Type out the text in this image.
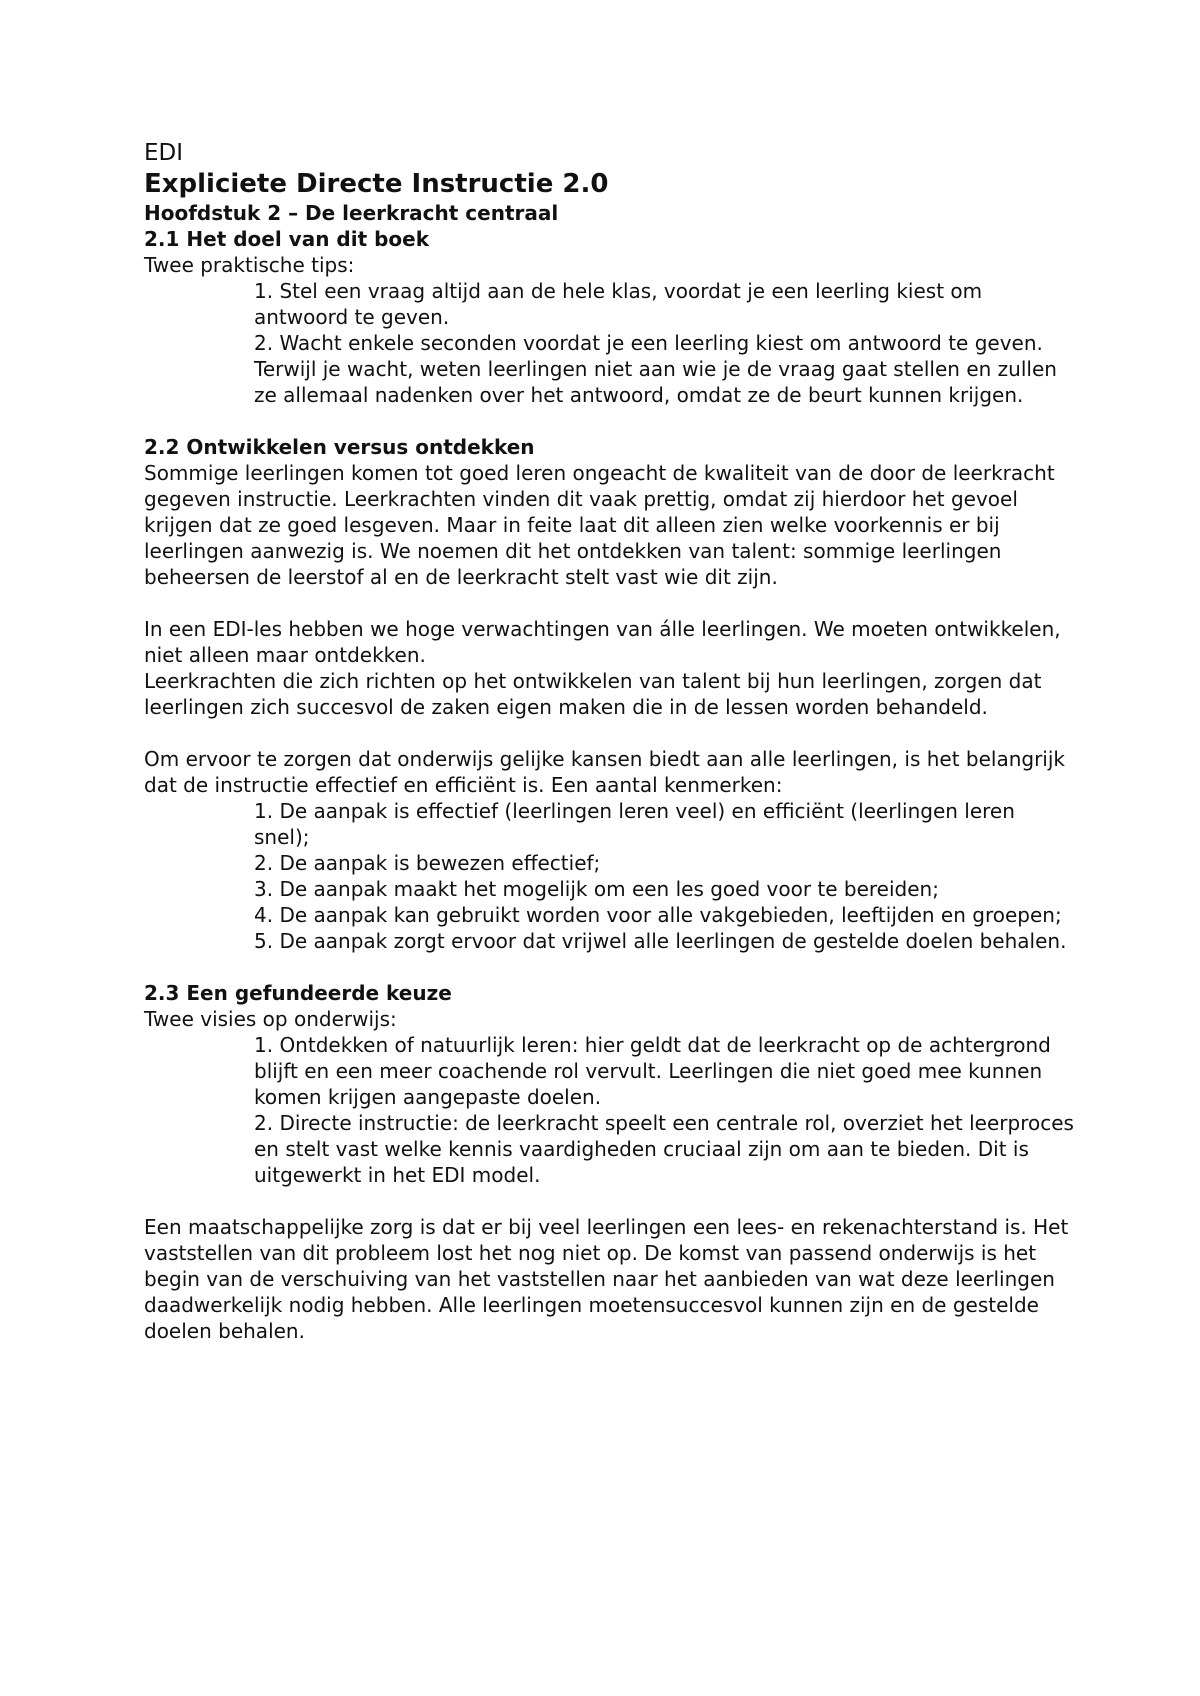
EDI
Expliciete Directe Instructie 2.0
Hoofdstuk 2 – De leerkracht centraal
2.1 Het doel van dit boek

Twee praktische tips:

1. Stel een vraag altijd aan de hele klas, voordat je een leerling kiest om antwoord te geven.
2. Wacht enkele seconden voordat je een leerling kiest om antwoord te geven. Terwijl je wacht, weten leerlingen niet aan wie je de vraag gaat stellen en zullen ze allemaal nadenken over het antwoord, omdat ze de beurt kunnen krijgen.
2.2 Ontwikkelen versus ontdekken

Sommige leerlingen komen tot goed leren ongeacht de kwaliteit van de door de leerkracht gegeven instructie. Leerkrachten vinden dit vaak prettig, omdat zij hierdoor het gevoel krijgen dat ze goed lesgeven. Maar in feite laat dit alleen zien welke voorkennis er bij leerlingen aanwezig is. We noemen dit het ontdekken van talent: sommige leerlingen beheersen de leerstof al en de leerkracht stelt vast wie dit zijn.

In een EDI-les hebben we hoge verwachtingen van álle leerlingen. We moeten ontwikkelen, niet alleen maar ontdekken.

Leerkrachten die zich richten op het ontwikkelen van talent bij hun leerlingen, zorgen dat leerlingen zich succesvol de zaken eigen maken die in de lessen worden behandeld.

Om ervoor te zorgen dat onderwijs gelijke kansen biedt aan alle leerlingen, is het belangrijk dat de instructie effectief en efficiënt is. Een aantal kenmerken:

1. De aanpak is effectief (leerlingen leren veel) en efficiënt (leerlingen leren snel);
2. De aanpak is bewezen effectief;
3. De aanpak maakt het mogelijk om een les goed voor te bereiden;
4. De aanpak kan gebruikt worden voor alle vakgebieden, leeftijden en groepen;
5. De aanpak zorgt ervoor dat vrijwel alle leerlingen de gestelde doelen behalen.
2.3 Een gefundeerde keuze

Twee visies op onderwijs:

1. Ontdekken of natuurlijk leren: hier geldt dat de leerkracht op de achtergrond blijft en een meer coachende rol vervult. Leerlingen die niet goed mee kunnen komen krijgen aangepaste doelen.
2. Directe instructie: de leerkracht speelt een centrale rol, overziet het leerproces en stelt vast welke kennis vaardigheden cruciaal zijn om aan te bieden. Dit is uitgewerkt in het EDI model.

Een maatschappelijke zorg is dat er bij veel leerlingen een lees- en rekenachterstand is. Het vaststellen van dit probleem lost het nog niet op. De komst van passend onderwijs is het begin van de verschuiving van het vaststellen naar het aanbieden van wat deze leerlingen daadwerkelijk nodig hebben. Alle leerlingen moetensuccesvol kunnen zijn en de gestelde doelen behalen.
